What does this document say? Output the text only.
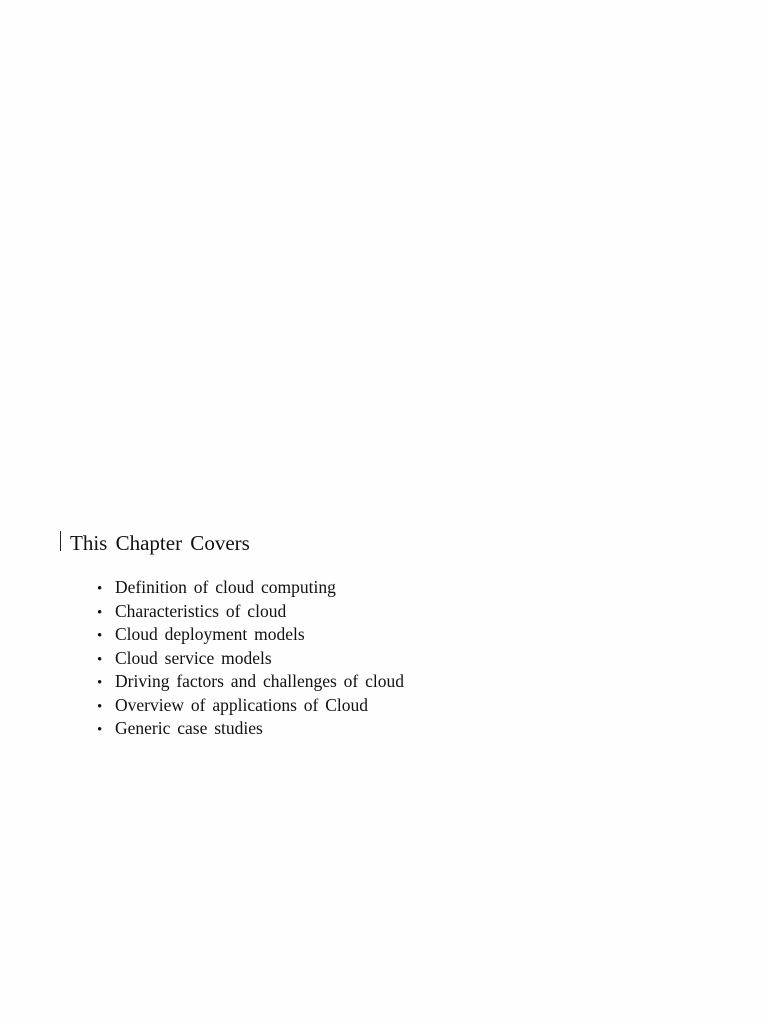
This Chapter Covers
• Definition of cloud computing
• Characteristics of cloud
• Cloud deployment models
• Cloud service models
• Driving factors and challenges of cloud
• Overview of applications of Cloud
• Generic case studies
